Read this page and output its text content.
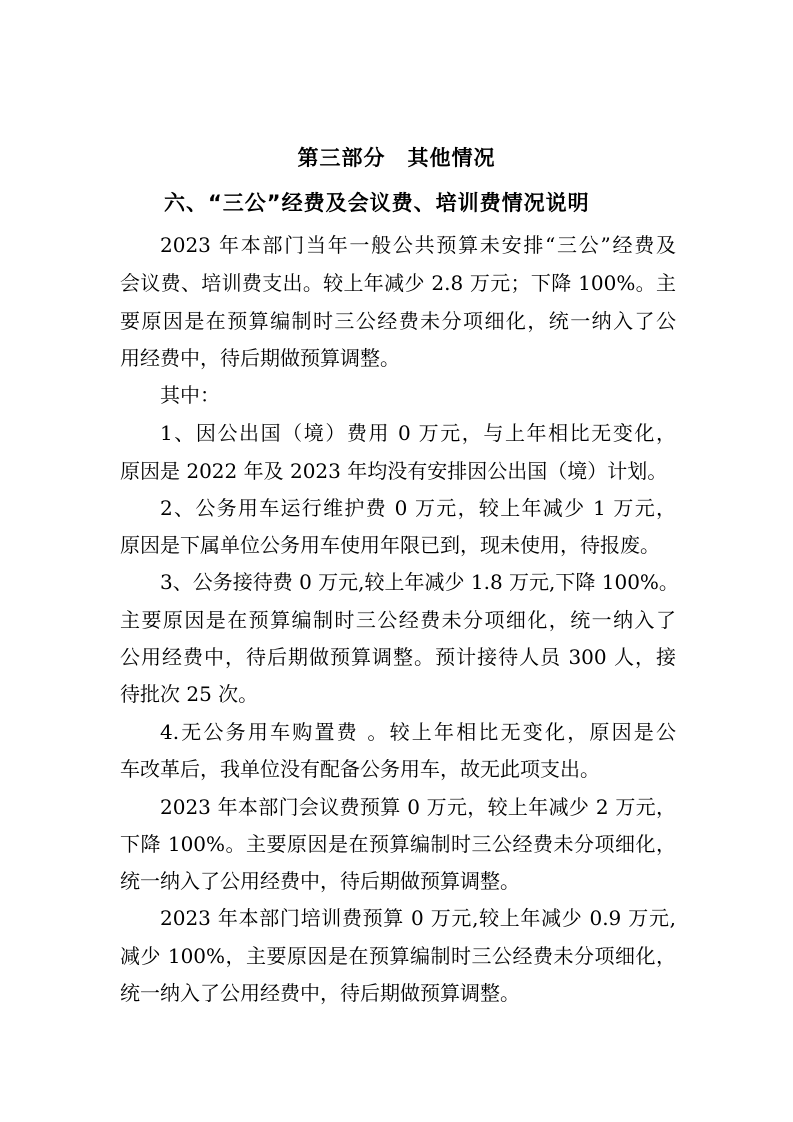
第三部分　其他情况
六、“三公”经费及会议费、培训费情况说明

2023 年本部门当年一般公共预算未安排“三公”经费及

会议费、培训费支出。较上年减少 2.8 万元；下降 100%。主

要原因是在预算编制时三公经费未分项细化，统一纳入了公

用经费中，待后期做预算调整。

其中：

1、因公出国（境）费用 0 万元，与上年相比无变化，

原因是 2022 年及 2023 年均没有安排因公出国（境）计划。

2、公务用车运行维护费 0 万元，较上年减少 1 万元，

原因是下属单位公务用车使用年限已到，现未使用，待报废。

3、公务接待费 0 万元,较上年减少 1.8 万元,下降 100%。

主要原因是在预算编制时三公经费未分项细化，统一纳入了

公用经费中，待后期做预算调整。预计接待人员 300 人，接

待批次 25 次。

4.无公务用车购置费 。较上年相比无变化，原因是公

车改革后，我单位没有配备公务用车，故无此项支出。

2023 年本部门会议费预算 0 万元，较上年减少 2 万元，

下降 100%。主要原因是在预算编制时三公经费未分项细化，

统一纳入了公用经费中，待后期做预算调整。

2023 年本部门培训费预算 0 万元,较上年减少 0.9 万元,

减少 100%，主要原因是在预算编制时三公经费未分项细化，

统一纳入了公用经费中，待后期做预算调整。
